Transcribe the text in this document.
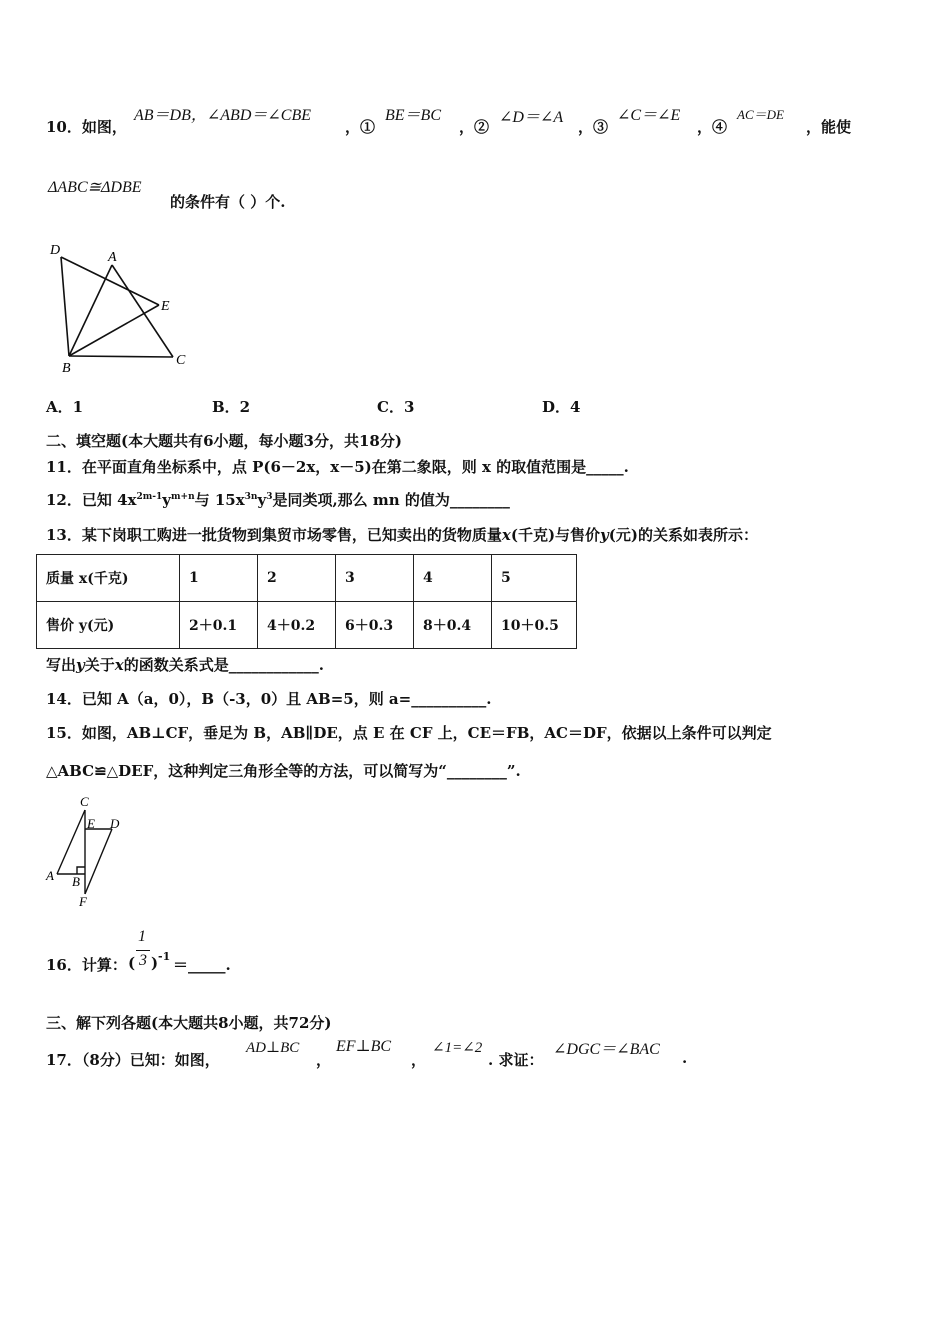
10．如图，
AB＝DB，∠ABD＝∠CBE
，①
BE＝BC
，②
∠D＝∠A
，③
∠C＝∠E
，④
AC＝DE
，能使
ΔABC≅ΔDBE
的条件有（ ）个.
D	A
E
B
C
A．1	B．2	C．3	D．4
二、填空题(本大题共有6小题，每小题3分，共18分)
11．在平面直角坐标系中，点 P(6－2x，x－5)在第二象限，则 x 的取值范围是_____.
12．已知 $4x^{2m-1}y^{m+n}$与 $15x^{3n}y^3$是同类项,那么 mn 的值为________
13．某下岗职工购进一批货物到集贸市场零售，已知卖出的货物质量x(千克)与售价y(元)的关系如表所示：
质量 x(千克)	1	2	3	4	5
售价 y(元)	2＋0.1	4＋0.2	6＋0.3	8＋0.4	10＋0.5
写出y关于x的函数关系式是____________.
14．已知 A（a，0），B（-3，0）且 AB=5，则 a=__________.
15．如图，AB⊥CF，垂足为 B，AB∥DE，点 E 在 CF 上，CE＝FB，AC＝DF，依据以上条件可以判定
△ABC≌△DEF，这种判定三角形全等的方法，可以简写为“________”.
C
E D
A B
F
16．计算： (
1
3 ) -1 ＝_____.
三、解下列各题(本大题共8小题，共72分)
17．（8分）已知：如图，
AD⊥BC
，
EF⊥BC
，
∠1=∠2
. 求证：
∠DGC＝∠BAC .
